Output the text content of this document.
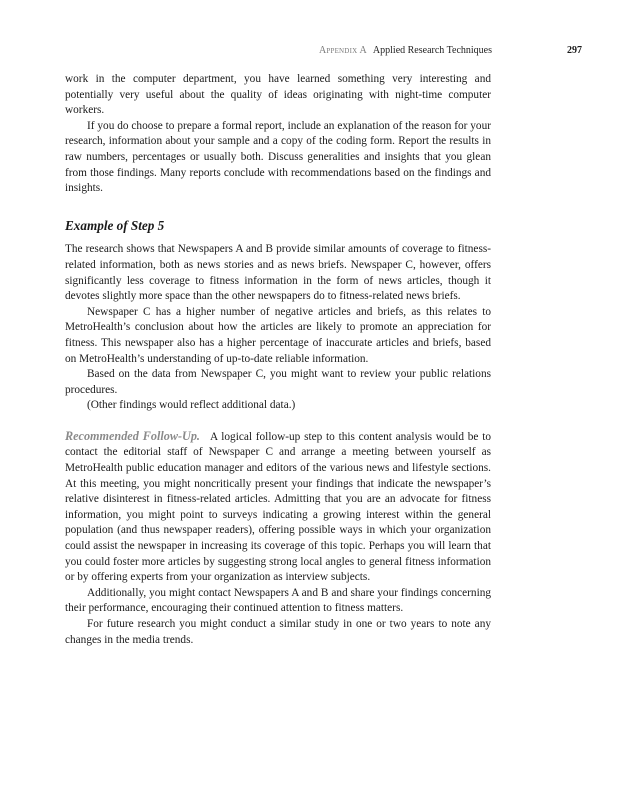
Appendix A Applied Research Techniques	297

work in the computer department, you have learned something very interesting and potentially very useful about the quality of ideas originating with night-time computer workers.

If you do choose to prepare a formal report, include an explanation of the reason for your research, information about your sample and a copy of the coding form. Report the results in raw numbers, percentages or usually both. Discuss generalities and insights that you glean from those findings. Many reports conclude with recommendations based on the findings and insights.

Example of Step 5

The research shows that Newspapers A and B provide similar amounts of coverage to fitness-related information, both as news stories and as news briefs. Newspaper C, however, offers significantly less coverage to fitness information in the form of news articles, though it devotes slightly more space than the other newspapers do to fitness-related news briefs.

Newspaper C has a higher number of negative articles and briefs, as this relates to MetroHealth’s conclusion about how the articles are likely to promote an appreciation for fitness. This newspaper also has a higher percentage of inaccurate articles and briefs, based on MetroHealth’s understanding of up-to-date reliable information.

Based on the data from Newspaper C, you might want to review your public relations procedures.

(Other findings would reflect additional data.)

Recommended Follow-Up. A logical follow-up step to this content analysis would be to contact the editorial staff of Newspaper C and arrange a meeting between yourself as MetroHealth public education manager and editors of the various news and lifestyle sections. At this meeting, you might noncritically present your findings that indicate the newspaper’s relative disinterest in fitness-related articles. Admitting that you are an advocate for fitness information, you might point to surveys indicating a growing interest within the general population (and thus newspaper readers), offering possible ways in which your organization could assist the newspaper in increasing its coverage of this topic. Perhaps you will learn that you could foster more articles by suggesting strong local angles to general fitness information or by offering experts from your organization as interview subjects.

Additionally, you might contact Newspapers A and B and share your findings concerning their performance, encouraging their continued attention to fitness matters.

For future research you might conduct a similar study in one or two years to note any changes in the media trends.
